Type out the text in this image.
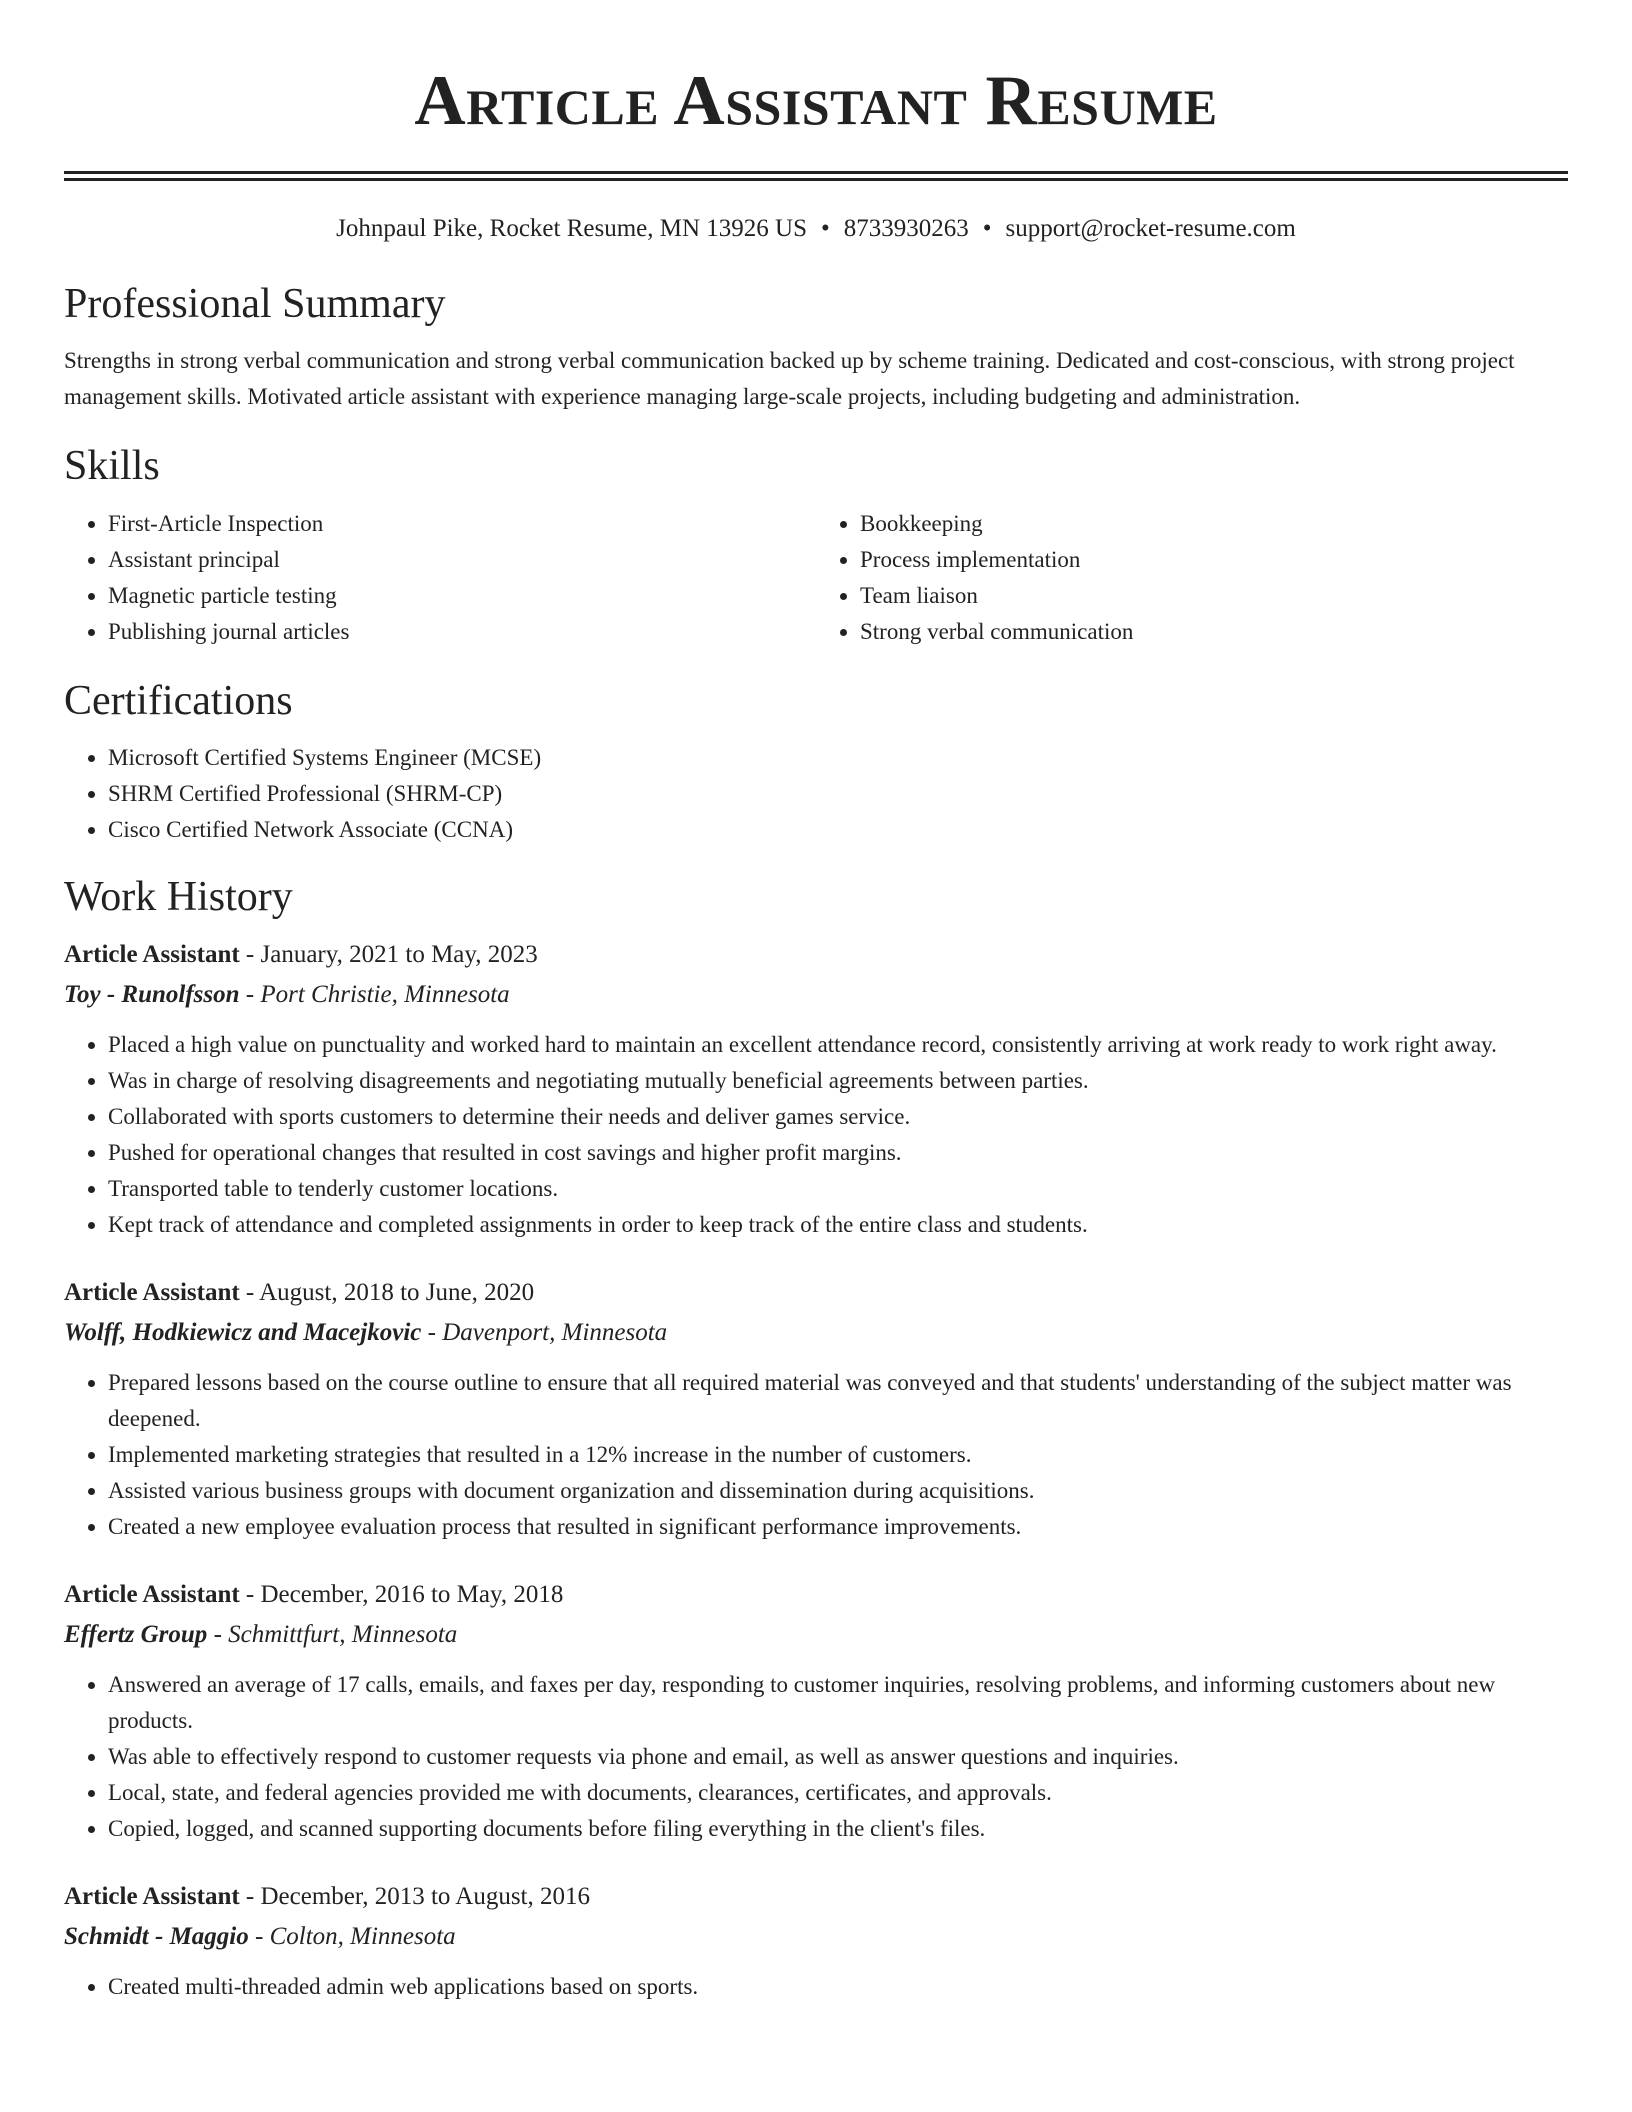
Article Assistant Resume
Johnpaul Pike, Rocket Resume, MN 13926 US • 8733930263 • support@rocket-resume.com
Professional Summary

Strengths in strong verbal communication and strong verbal communication backed up by scheme training. Dedicated and cost-conscious, with strong project management skills. Motivated article assistant with experience managing large-scale projects, including budgeting and administration.

Skills
• First-Article Inspection
• Assistant principal
• Magnetic particle testing
• Publishing journal articles
• Bookkeeping
• Process implementation
• Team liaison
• Strong verbal communication
Certifications
• Microsoft Certified Systems Engineer (MCSE)
• SHRM Certified Professional (SHRM-CP)
• Cisco Certified Network Associate (CCNA)
Work History
Article Assistant - January, 2021 to May, 2023
Toy - Runolfsson - Port Christie, Minnesota
• Placed a high value on punctuality and worked hard to maintain an excellent attendance record, consistently arriving at work ready to work right away.
• Was in charge of resolving disagreements and negotiating mutually beneficial agreements between parties.
• Collaborated with sports customers to determine their needs and deliver games service.
• Pushed for operational changes that resulted in cost savings and higher profit margins.
• Transported table to tenderly customer locations.
• Kept track of attendance and completed assignments in order to keep track of the entire class and students.
Article Assistant - August, 2018 to June, 2020
Wolff, Hodkiewicz and Macejkovic - Davenport, Minnesota
• Prepared lessons based on the course outline to ensure that all required material was conveyed and that students' understanding of the subject matter was deepened.
• Implemented marketing strategies that resulted in a 12% increase in the number of customers.
• Assisted various business groups with document organization and dissemination during acquisitions.
• Created a new employee evaluation process that resulted in significant performance improvements.
Article Assistant - December, 2016 to May, 2018
Effertz Group - Schmittfurt, Minnesota
• Answered an average of 17 calls, emails, and faxes per day, responding to customer inquiries, resolving problems, and informing customers about new products.
• Was able to effectively respond to customer requests via phone and email, as well as answer questions and inquiries.
• Local, state, and federal agencies provided me with documents, clearances, certificates, and approvals.
• Copied, logged, and scanned supporting documents before filing everything in the client's files.
Article Assistant - December, 2013 to August, 2016
Schmidt - Maggio - Colton, Minnesota
• Created multi-threaded admin web applications based on sports.
